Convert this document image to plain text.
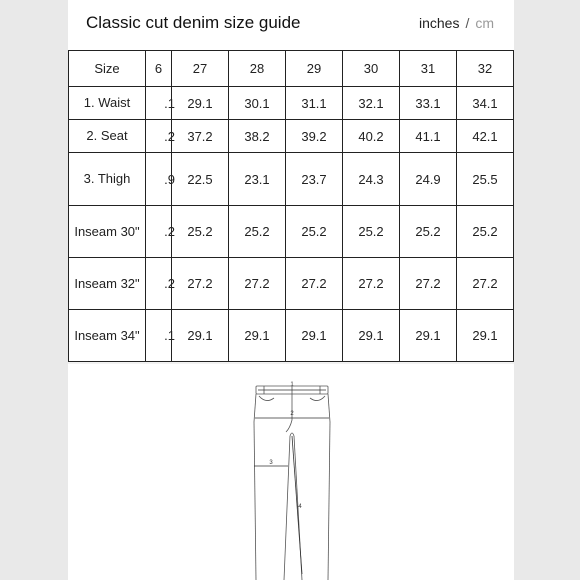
Classic cut denim size guide	inches / cm
Size	6	27	28	29	30	31	32
1. Waist	.1	29.1	30.1	31.1	32.1	33.1	34.1
2. Seat	.2	37.2	38.2	39.2	40.2	41.1	42.1
3. Thigh	.9	22.5	23.1	23.7	24.3	24.9	25.5
Inseam 30"	.2	25.2	25.2	25.2	25.2	25.2	25.2
Inseam 32"	.2	27.2	27.2	27.2	27.2	27.2	27.2
Inseam 34"	.1	29.1	29.1	29.1	29.1	29.1	29.1
1
2
3
4
